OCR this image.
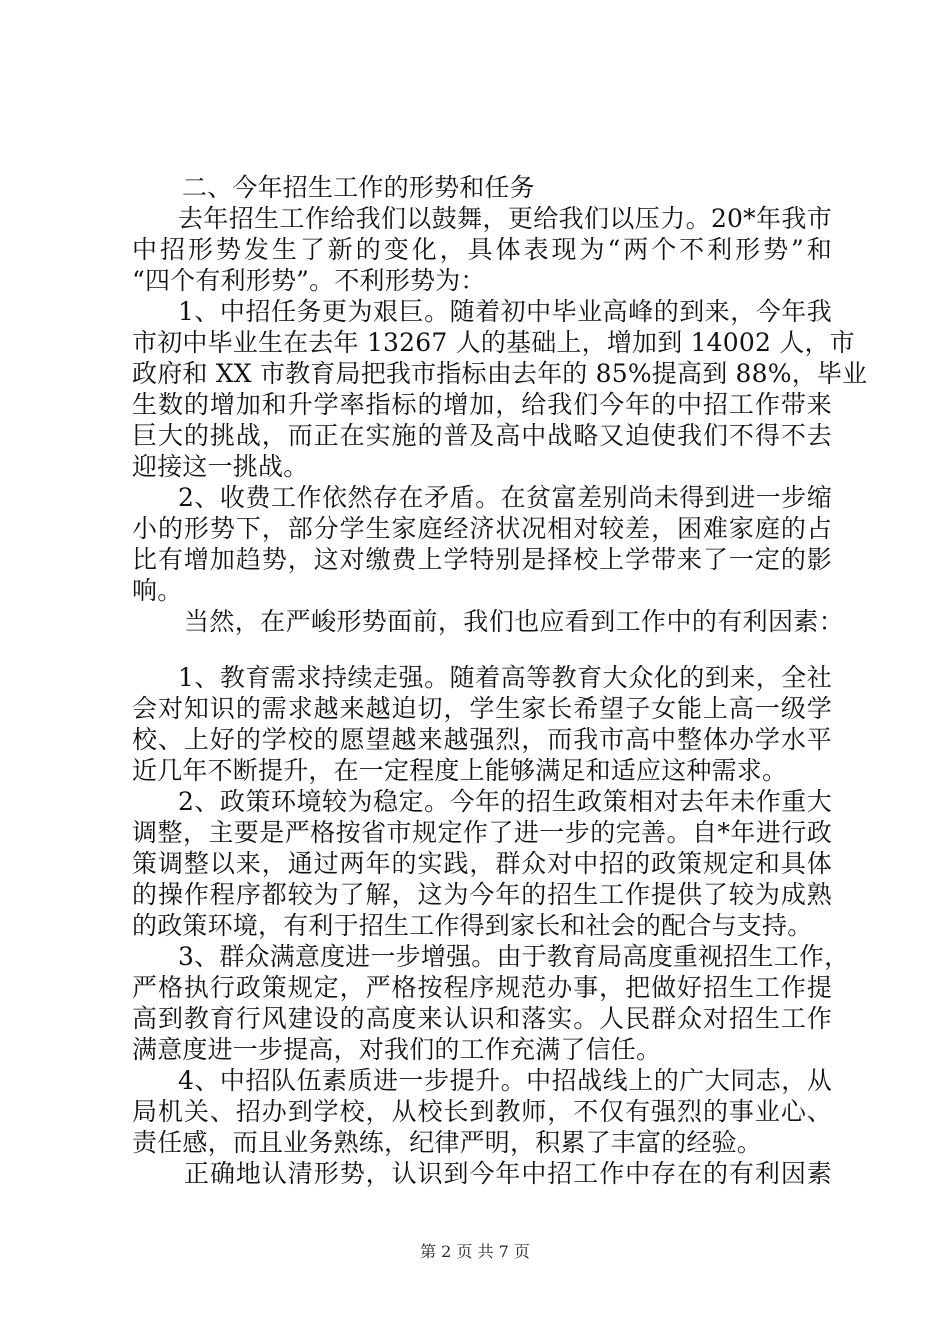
二、今年招生工作的形势和任务
去年招生工作给我们以鼓舞，更给我们以压力。20*年我市
中招形势发生了新的变化，具体表现为“两个不利形势”和
“四个有利形势”。不利形势为：
1、中招任务更为艰巨。随着初中毕业高峰的到来，今年我
市初中毕业生在去年 13267 人的基础上，增加到 14002 人，市
政府和 XX 市教育局把我市指标由去年的 85%提高到 88%，毕业
生数的增加和升学率指标的增加，给我们今年的中招工作带来
巨大的挑战，而正在实施的普及高中战略又迫使我们不得不去
迎接这一挑战。
2、收费工作依然存在矛盾。在贫富差别尚未得到进一步缩
小的形势下，部分学生家庭经济状况相对较差，困难家庭的占
比有增加趋势，这对缴费上学特别是择校上学带来了一定的影
响。
当然，在严峻形势面前，我们也应看到工作中的有利因素：
1、教育需求持续走强。随着高等教育大众化的到来，全社
会对知识的需求越来越迫切，学生家长希望子女能上高一级学
校、上好的学校的愿望越来越强烈，而我市高中整体办学水平
近几年不断提升，在一定程度上能够满足和适应这种需求。
2、政策环境较为稳定。今年的招生政策相对去年未作重大
调整，主要是严格按省市规定作了进一步的完善。自*年进行政
策调整以来，通过两年的实践，群众对中招的政策规定和具体
的操作程序都较为了解，这为今年的招生工作提供了较为成熟
的政策环境，有利于招生工作得到家长和社会的配合与支持。
3、群众满意度进一步增强。由于教育局高度重视招生工作，
严格执行政策规定，严格按程序规范办事，把做好招生工作提
高到教育行风建设的高度来认识和落实。人民群众对招生工作
满意度进一步提高，对我们的工作充满了信任。
4、中招队伍素质进一步提升。中招战线上的广大同志，从
局机关、招办到学校，从校长到教师，不仅有强烈的事业心、
责任感，而且业务熟练，纪律严明，积累了丰富的经验。
正确地认清形势，认识到今年中招工作中存在的有利因素
第 2 页 共 7 页
